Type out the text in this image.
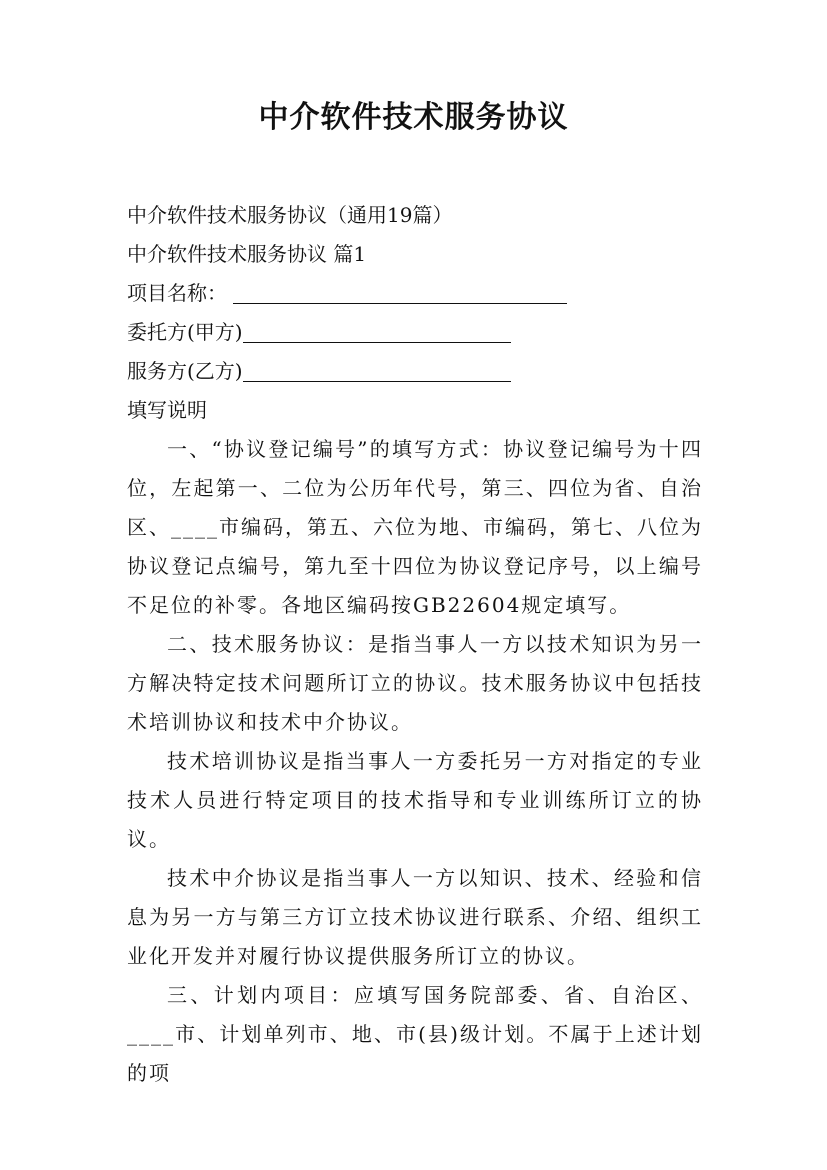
中介软件技术服务协议

中介软件技术服务协议（通用19篇）

中介软件技术服务协议 篇1

项目名称：

委托方(甲方)

服务方(乙方)

填写说明

一、“协议登记编号”的填写方式：协议登记编号为十四位，左起第一、二位为公历年代号，第三、四位为省、自治区、____市编码，第五、六位为地、市编码，第七、八位为协议登记点编号，第九至十四位为协议登记序号，以上编号不足位的补零。各地区编码按GB22604规定填写。

二、技术服务协议：是指当事人一方以技术知识为另一方解决特定技术问题所订立的协议。技术服务协议中包括技术培训协议和技术中介协议。

技术培训协议是指当事人一方委托另一方对指定的专业技术人员进行特定项目的技术指导和专业训练所订立的协议。

技术中介协议是指当事人一方以知识、技术、经验和信息为另一方与第三方订立技术协议进行联系、介绍、组织工业化开发并对履行协议提供服务所订立的协议。

三、计划内项目：应填写国务院部委、省、自治区、____市、计划单列市、地、市(县)级计划。不属于上述计划的项
